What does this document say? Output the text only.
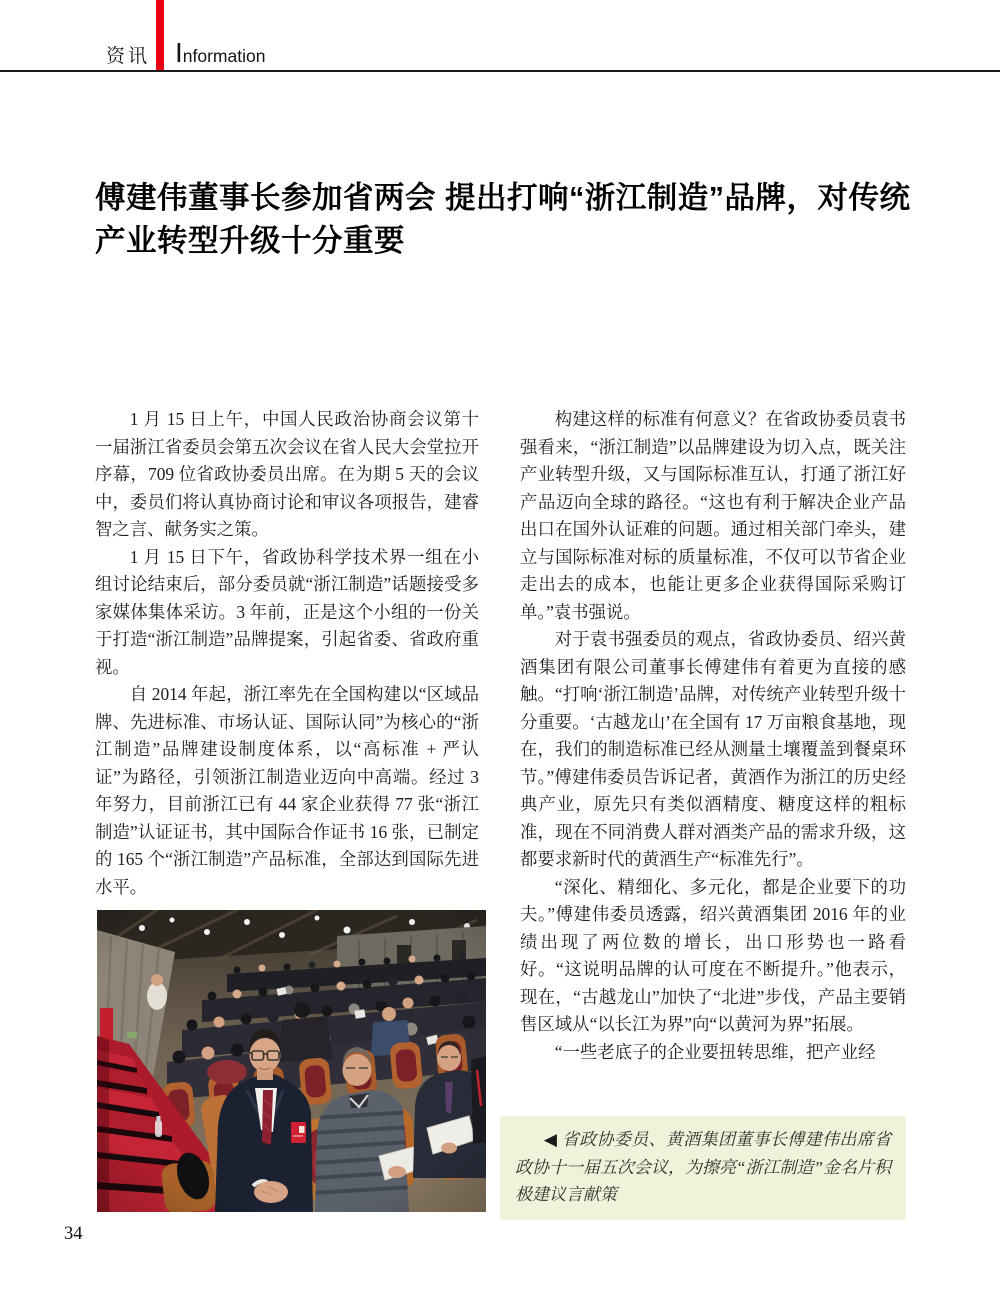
资讯 Information
傅建伟董事长参加省两会 提出打响“浙江制造”品牌，对传统产业转型升级十分重要

1 月 15 日上午，中国人民政治协商会议第十一届浙江省委员会第五次会议在省人民大会堂拉开序幕，709 位省政协委员出席。在为期 5 天的会议中，委员们将认真协商讨论和审议各项报告，建睿智之言、献务实之策。

1 月 15 日下午，省政协科学技术界一组在小组讨论结束后，部分委员就“浙江制造”话题接受多家媒体集体采访。3 年前，正是这个小组的一份关于打造“浙江制造”品牌提案，引起省委、省政府重视。

自 2014 年起，浙江率先在全国构建以“区域品牌、先进标准、市场认证、国际认同”为核心的“浙江制造”品牌建设制度体系，以“高标准 + 严认证”为路径，引领浙江制造业迈向中高端。经过 3 年努力，目前浙江已有 44 家企业获得 77 张“浙江制造”认证证书，其中国际合作证书 16 张，已制定的 165 个“浙江制造”产品标准，全部达到国际先进水平。

构建这样的标准有何意义？在省政协委员袁书强看来，“浙江制造”以品牌建设为切入点，既关注产业转型升级，又与国际标准互认，打通了浙江好产品迈向全球的路径。“这也有利于解决企业产品出口在国外认证难的问题。通过相关部门牵头，建立与国际标准对标的质量标准，不仅可以节省企业走出去的成本，也能让更多企业获得国际采购订单。”袁书强说。

对于袁书强委员的观点，省政协委员、绍兴黄酒集团有限公司董事长傅建伟有着更为直接的感触。“打响‘浙江制造’品牌，对传统产业转型升级十分重要。‘古越龙山’在全国有 17 万亩粮食基地，现在，我们的制造标准已经从测量土壤覆盖到餐桌环节。”傅建伟委员告诉记者，黄酒作为浙江的历史经典产业，原先只有类似酒精度、糖度这样的粗标准，现在不同消费人群对酒类产品的需求升级，这都要求新时代的黄酒生产“标准先行”。

“深化、精细化、多元化，都是企业要下的功夫。”傅建伟委员透露，绍兴黄酒集团 2016 年的业绩出现了两位数的增长，出口形势也一路看好。“这说明品牌的认可度在不断提升。”他表示，现在，“古越龙山”加快了“北进”步伐，产品主要销售区域从“以长江为界”向“以黄河为界”拓展。

“一些老底子的企业要扭转思维，把产业经

◀ 省政协委员、黄酒集团董事长傅建伟出席省政协十一届五次会议，为擦亮“浙江制造”金名片积极建议言献策

34
